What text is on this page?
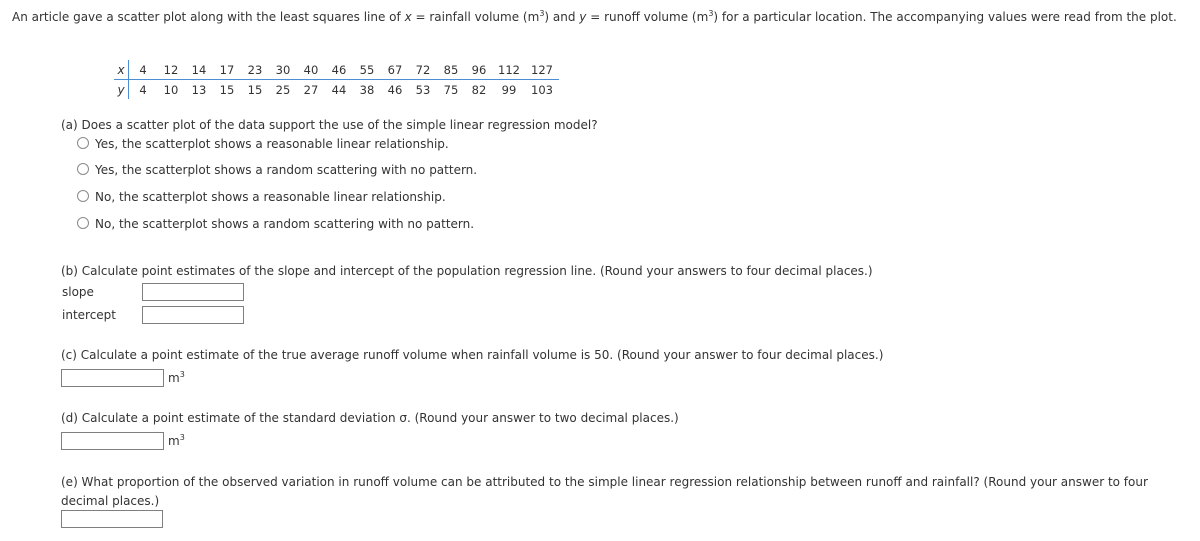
An article gave a scatter plot along with the least squares line of x = rainfall volume $(m^3)$ and y = runoff volume $(m^3)$ for a particular location. The accompanying values were read from the plot.
x	4	12	14	17	23	30	40	46	55	67	72	85	96	112 127
y	4	10	13	15	15	25	27	44	38	46	53	75	82	99	103
(a) Does a scatter plot of the data support the use of the simple linear regression model?
Yes, the scatterplot shows a reasonable linear relationship.
Yes, the scatterplot shows a random scattering with no pattern.
No, the scatterplot shows a reasonable linear relationship.
No, the scatterplot shows a random scattering with no pattern.
(b) Calculate point estimates of the slope and intercept of the population regression line. (Round your answers to four decimal places.)
slope
intercept
(c) Calculate a point estimate of the true average runoff volume when rainfall volume is 50. (Round your answer to four decimal places.)
$m^3$
(d) Calculate a point estimate of the standard deviation σ. (Round your answer to two decimal places.)
$m^3$
(e) What proportion of the observed variation in runoff volume can be attributed to the simple linear regression relationship between runoff and rainfall? (Round your answer to four decimal places.)
